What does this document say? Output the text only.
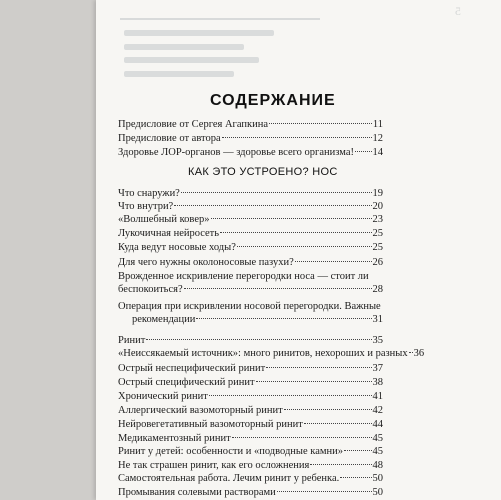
5
СОДЕРЖАНИЕ
Предисловие от Сергея Агапкина	11
Предисловие от автора	12
Здоровье ЛОР-органов — здоровье всего организма! 14
Что снаружи?	19
Что внутри?	20
«Волшебный ковер»	23
Лукочичная нейросеть	25
Куда ведут носовые ходы?	25
Для чего нужны околоносовые пазухи?	26
Врожденное искривление перегородки носа — стоит ли
беспокоиться?	28
Операция при искривлении носовой перегородки. Важные
рекомендации	31
Ринит	35
«Неиссякаемый источник»: много ринитов, нехороших и разных 36
Острый неспецифический ринит	37
Острый специфический ринит	38
Хронический ринит	41
Аллергический вазомоторный ринит	42
Нейровегетативный вазомоторный ринит	44
Медикаментозный ринит	45
Ринит у детей: особенности и «подводные камни»	45
Не так страшен ринит, как его осложнения	48
Самостоятельная работа. Лечим ринит у ребенка.	50
Промывания солевыми растворами	50
КАК ЭТО УСТРОЕНО? НОС
